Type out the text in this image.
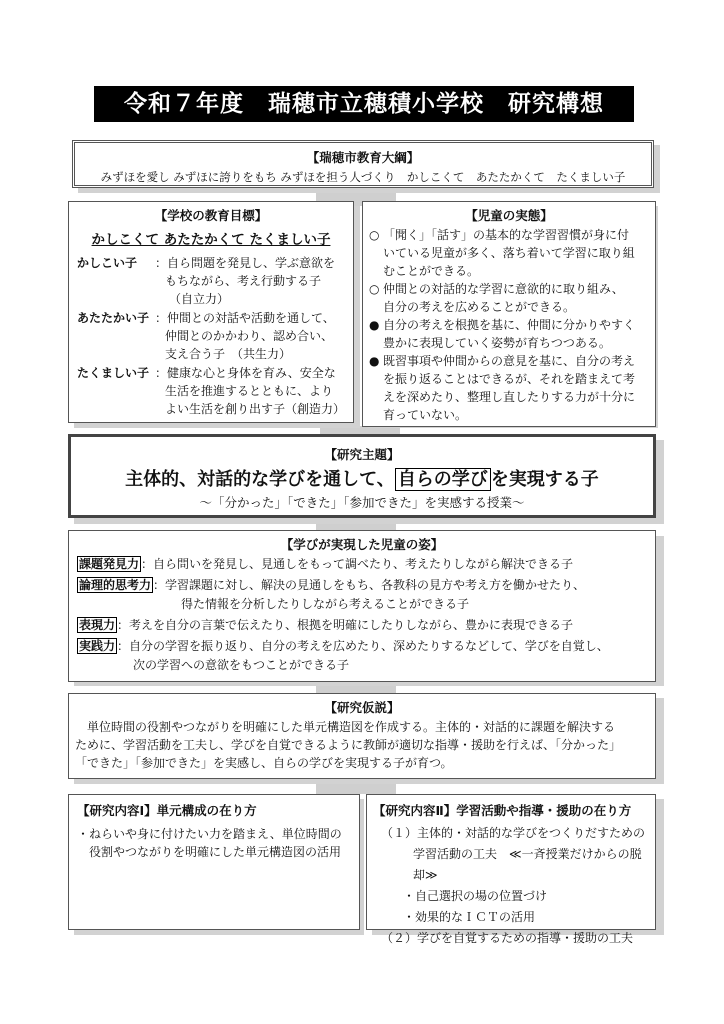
令和７年度　瑞穂市立穂積小学校　研究構想
【瑞穂市教育大綱】
みずほを愛し みずほに誇りをもち みずほを担う人づくり　かしこくて　あたたかくて　たくましい子
【学校の教育目標】
かしこくて あたたかくて たくましい子
かしこい子	：自ら問題を発見し、学ぶ意欲を
もちながら、考え行動する子
（自立力）
あたたかい子 ：仲間との対話や活動を通して、
仲間とのかかわり、認め合い、
支え合う子　（共生力）
たくましい子 ：健康な心と身体を育み、安全な
生活を推進するとともに、より
よい生活を創り出す子（創造力）
【児童の実態】
○ 「聞く」「話す」の基本的な学習習慣が身に付
いている児童が多く、落ち着いて学習に取り組
むことができる。
○ 仲間との対話的な学習に意欲的に取り組み、
自分の考えを広めることができる。
● 自分の考えを根拠を基に、仲間に分かりやすく
豊かに表現していく姿勢が育ちつつある。
● 既習事項や仲間からの意見を基に、自分の考え
を振り返ることはできるが、それを踏まえて考
えを深めたり、整理し直したりする力が十分に
育っていない。
【研究主題】
主体的、対話的な学びを通して、 自らの学び を実現する子
～「分かった」「できた」「参加できた」を実感する授業～
【学びが実現した児童の姿】
課題発見力 ：自ら問いを発見し、見通しをもって調べたり、考えたりしながら解決できる子
論理的思考力 ：学習課題に対し、解決の見通しをもち、各教科の見方や考え方を働かせたり、
得た情報を分析したりしながら考えることができる子
表現力 ：考えを自分の言葉で伝えたり、根拠を明確にしたりしながら、豊かに表現できる子
実践力 ：自分の学習を振り返り、自分の考えを広めたり、深めたりするなどして、学びを自覚し、
次の学習への意欲をもつことができる子
【研究仮説】
単位時間の役割やつながりを明確にした単元構造図を作成する。主体的・対話的に課題を解決する
ために、学習活動を工夫し、学びを自覚できるように教師が適切な指導・援助を行えば、「分かった」
「できた」「参加できた」を実感し、自らの学びを実現する子が育つ。
【研究内容Ⅰ】単元構成の在り方
・ねらいや身に付けたい力を踏まえ、単位時間の
役割やつながりを明確にした単元構造図の活用
【研究内容Ⅱ】学習活動や指導・援助の在り方
（１）主体的・対話的な学びをつくりだすための
学習活動の工夫　≪一斉授業だけからの脱却≫
・自己選択の場の位置づけ
・効果的なＩＣＴの活用
（２）学びを自覚するための指導・援助の工夫
